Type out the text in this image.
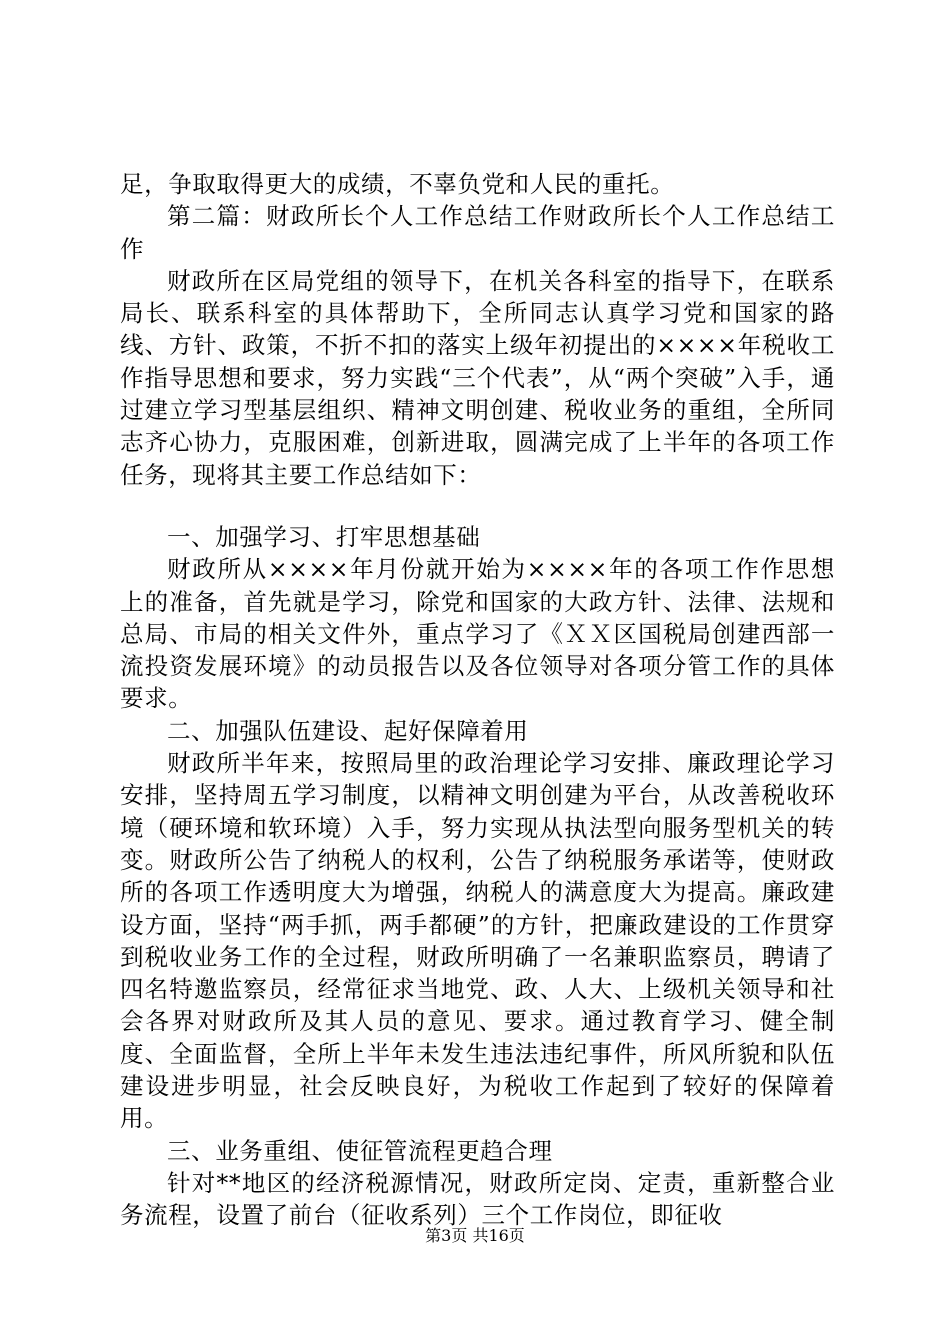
足，争取取得更大的成绩，不辜负党和人民的重托。

第二篇：财政所长个人工作总结工作财政所长个人工作总结工作

财政所在区局党组的领导下，在机关各科室的指导下，在联系局长、联系科室的具体帮助下，全所同志认真学习党和国家的路线、方针、政策，不折不扣的落实上级年初提出的××××年税收工作指导思想和要求，努力实践“三个代表”，从“两个突破”入手，通过建立学习型基层组织、精神文明创建、税收业务的重组，全所同志齐心协力，克服困难，创新进取，圆满完成了上半年的各项工作任务，现将其主要工作总结如下：

一、加强学习、打牢思想基础

财政所从××××年月份就开始为××××年的各项工作作思想上的准备，首先就是学习，除党和国家的大政方针、法律、法规和总局、市局的相关文件外，重点学习了《ＸＸ区国税局创建西部一流投资发展环境》的动员报告以及各位领导对各项分管工作的具体要求。

二、加强队伍建设、起好保障着用

财政所半年来，按照局里的政治理论学习安排、廉政理论学习安排，坚持周五学习制度，以精神文明创建为平台，从改善税收环境（硬环境和软环境）入手，努力实现从执法型向服务型机关的转变。财政所公告了纳税人的权利，公告了纳税服务承诺等，使财政所的各项工作透明度大为增强，纳税人的满意度大为提高。廉政建设方面，坚持“两手抓，两手都硬”的方针，把廉政建设的工作贯穿到税收业务工作的全过程，财政所明确了一名兼职监察员，聘请了四名特邀监察员，经常征求当地党、政、人大、上级机关领导和社会各界对财政所及其人员的意见、要求。通过教育学习、健全制度、全面监督，全所上半年未发生违法违纪事件，所风所貌和队伍建设进步明显，社会反映良好，为税收工作起到了较好的保障着用。

三、业务重组、使征管流程更趋合理

针对**地区的经济税源情况，财政所定岗、定责，重新整合业务流程，设置了前台（征收系列）三个工作岗位，即征收

第3页 共16页
